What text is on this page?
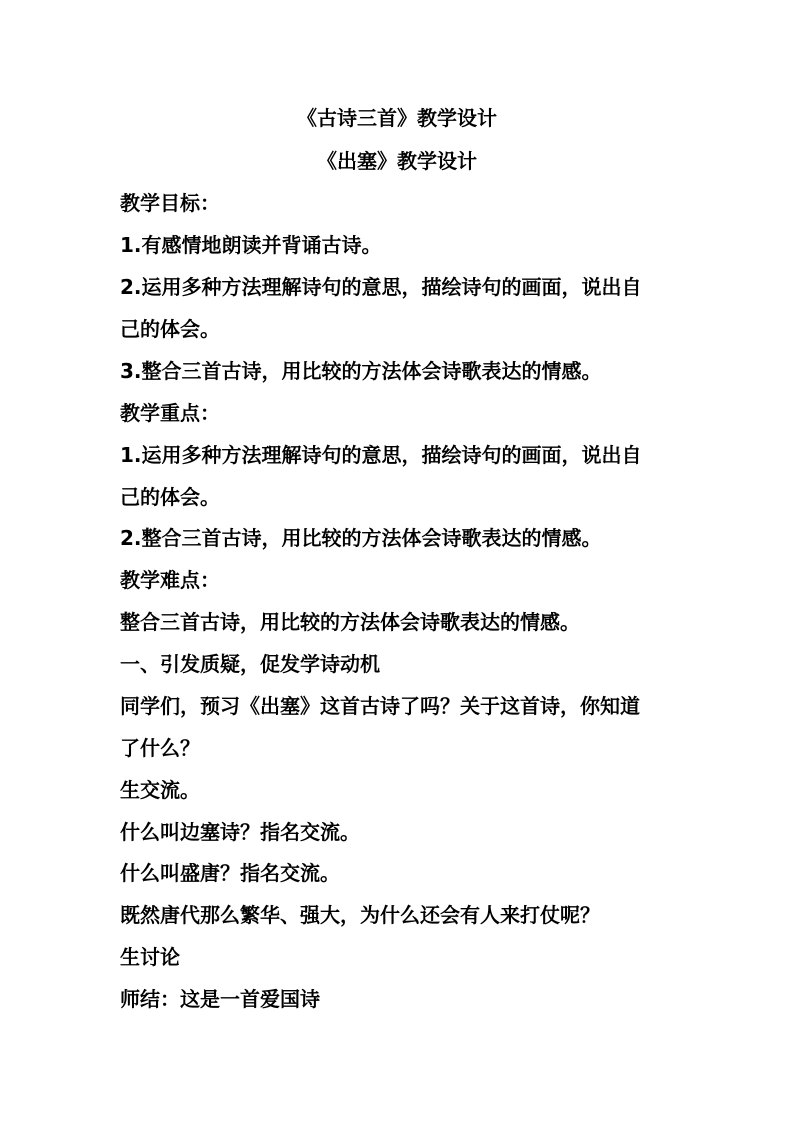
《古诗三首》教学设计
《出塞》教学设计
教学目标：
1.有感情地朗读并背诵古诗。
2.运用多种方法理解诗句的意思，描绘诗句的画面，说出自
己的体会。
3.整合三首古诗，用比较的方法体会诗歌表达的情感。
教学重点：
1.运用多种方法理解诗句的意思，描绘诗句的画面，说出自
己的体会。
2.整合三首古诗，用比较的方法体会诗歌表达的情感。
教学难点：
整合三首古诗，用比较的方法体会诗歌表达的情感。
一、引发质疑，促发学诗动机
同学们，预习《出塞》这首古诗了吗？关于这首诗，你知道
了什么？
生交流。
什么叫边塞诗？指名交流。
什么叫盛唐？指名交流。
既然唐代那么繁华、强大，为什么还会有人来打仗呢？
生讨论
师结：这是一首爱国诗
